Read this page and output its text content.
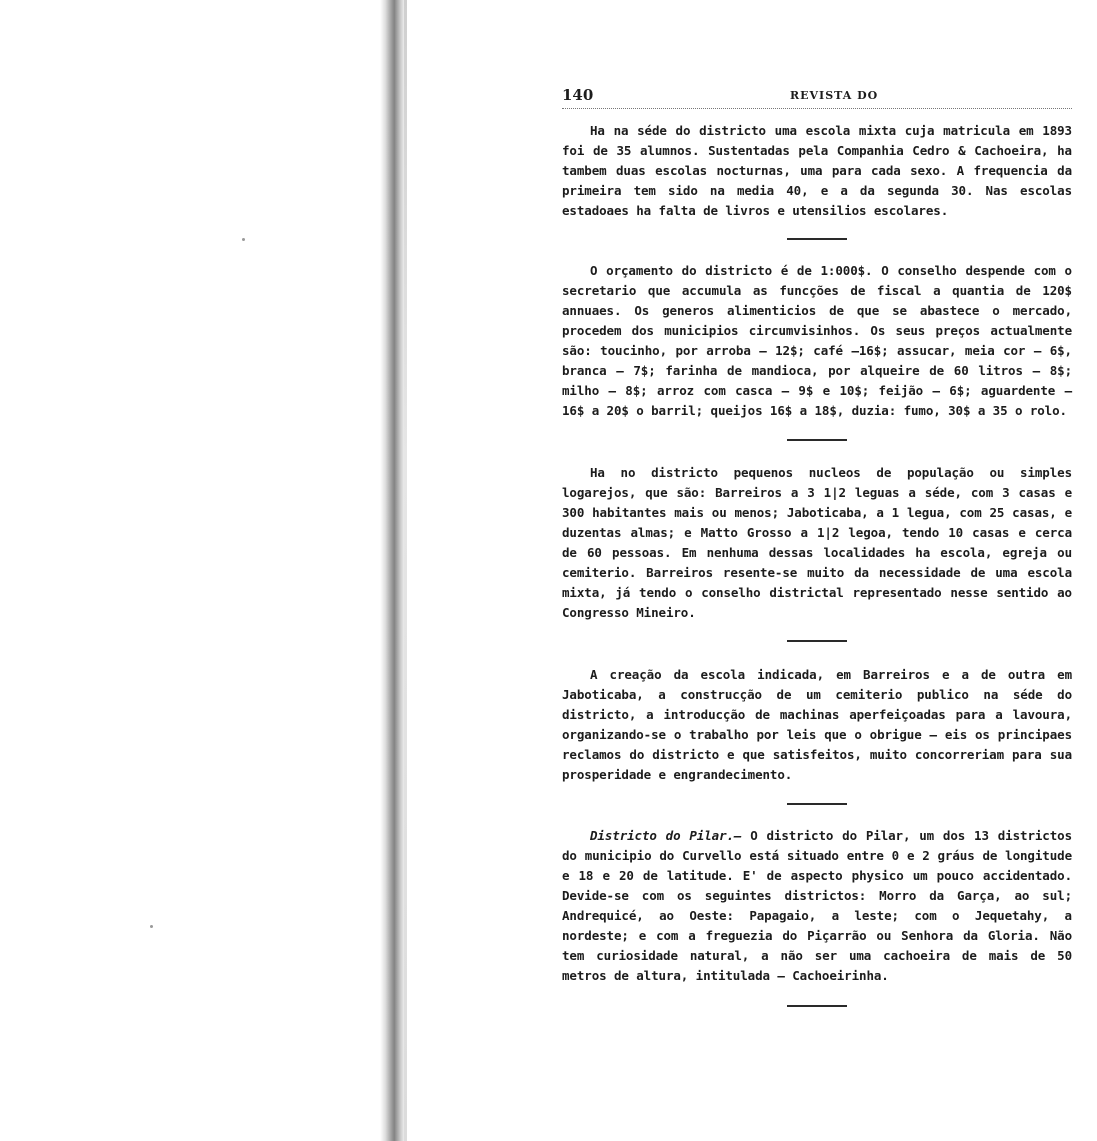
140	REVISTA DO

Ha na séde do districto uma escola mixta cuja matricula em 1893 foi de 35 alumnos. Sustentadas pela Companhia Cedro & Cachoeira, ha tambem duas escolas nocturnas, uma para cada sexo. A frequencia da primeira tem sido na media 40, e a da segunda 30. Nas escolas estadoaes ha falta de livros e utensilios escolares.

O orçamento do districto é de 1:000$. O conselho despende com o secretario que accumula as funcções de fiscal a quantia de 120$ annuaes. Os generos alimenticios de que se abastece o mercado, procedem dos municipios circumvisinhos. Os seus preços actualmente são: toucinho, por arroba — 12$; café —16$; assucar, meia cor — 6$, branca — 7$; farinha de mandioca, por alqueire de 60 litros — 8$; milho — 8$; arroz com casca — 9$ e 10$; feijão — 6$; aguardente — 16$ a 20$ o barril; queijos 16$ a 18$, duzia: fumo, 30$ a 35 o rolo.

Ha no districto pequenos nucleos de população ou simples logarejos, que são: Barreiros a 3 1|2 leguas a séde, com 3 casas e 300 habitantes mais ou menos; Jaboticaba, a 1 legua, com 25 casas, e duzentas almas; e Matto Grosso a 1|2 legoa, tendo 10 casas e cerca de 60 pessoas. Em nenhuma dessas localidades ha escola, egreja ou cemiterio. Barreiros resente-se muito da necessidade de uma escola mixta, já tendo o conselho districtal representado nesse sentido ao Congresso Mineiro.

A creação da escola indicada, em Barreiros e a de outra em Jaboticaba, a construcção de um cemiterio publico na séde do districto, a introducção de machinas aperfeiçoadas para a lavoura, organizando-se o trabalho por leis que o obrigue — eis os principaes reclamos do districto e que satisfeitos, muito concorreriam para sua prosperidade e engrandecimento.

Districto do Pilar.— O districto do Pilar, um dos 13 districtos do municipio do Curvello está situado entre 0 e 2 gráus de longitude e 18 e 20 de latitude. E' de aspecto physico um pouco accidentado. Devide-se com os seguintes districtos: Morro da Garça, ao sul; Andrequicé, ao Oeste: Papagaio, a leste; com o Jequetahy, a nordeste; e com a freguezia do Piçarrão ou Senhora da Gloria. Não tem curiosidade natural, a não ser uma cachoeira de mais de 50 metros de altura, intitulada — Cachoeirinha.
